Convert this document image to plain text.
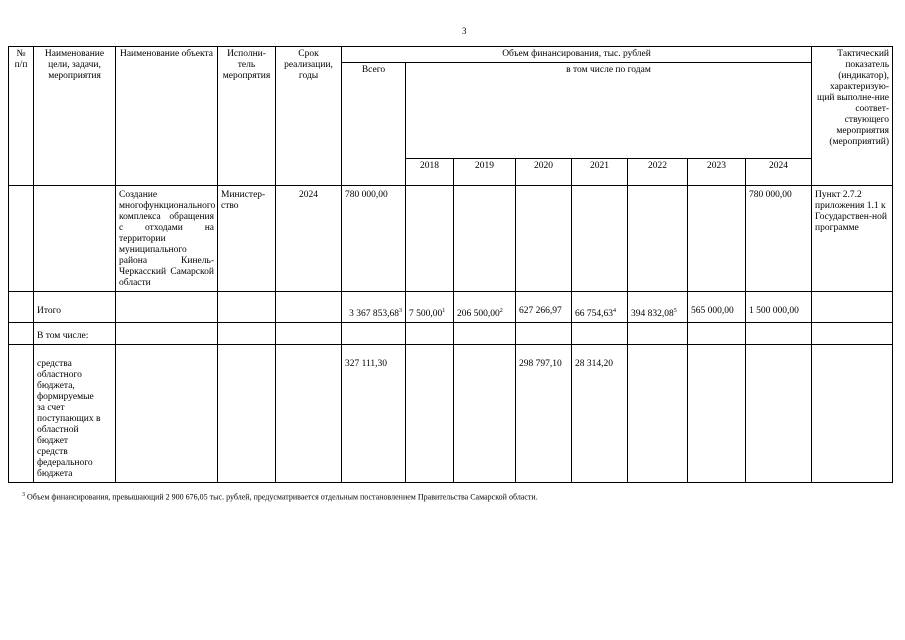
3
№ п/п	Наименование цели, задачи, мероприятия	Наименование объекта	Исполни-тель меропрятия	Срок реализации, годы	Объем финансирования, тыс. рублей								Тактический показатель (индикатор), характеризую-щий выполне-ние соответ-ствующего мероприятия (мероприятий)
					Всего	в том числе по годам							
						2018	2019	2020	2021	2022	2023	2024	
		Создание многофункционального комплекса обращения с отходами на территории муниципального района Кинель-Черкасский Самарской области	Министер-ство	2024	780 000,00							780 000,00	Пункт 2.7.2 приложения 1.1 к Государствен-ной программе
	Итого				3 367 853,68$^3$	7 500,00$^1$	206 500,00$^2$	627 266,97	66 754,63$^4$	394 832,08$^5$	565 000,00	1 500 000,00	
	В том числе:												
	средства областного бюджета, формируемые за счет поступающих в областной бюджет средств федерального бюджета				327 111,30			298 797,10	28 314,20				
$^3$ Объем финансирования, превышающий 2 900 676,05 тыс. рублей, предусматривается отдельным постановлением Правительства Самарской области.
